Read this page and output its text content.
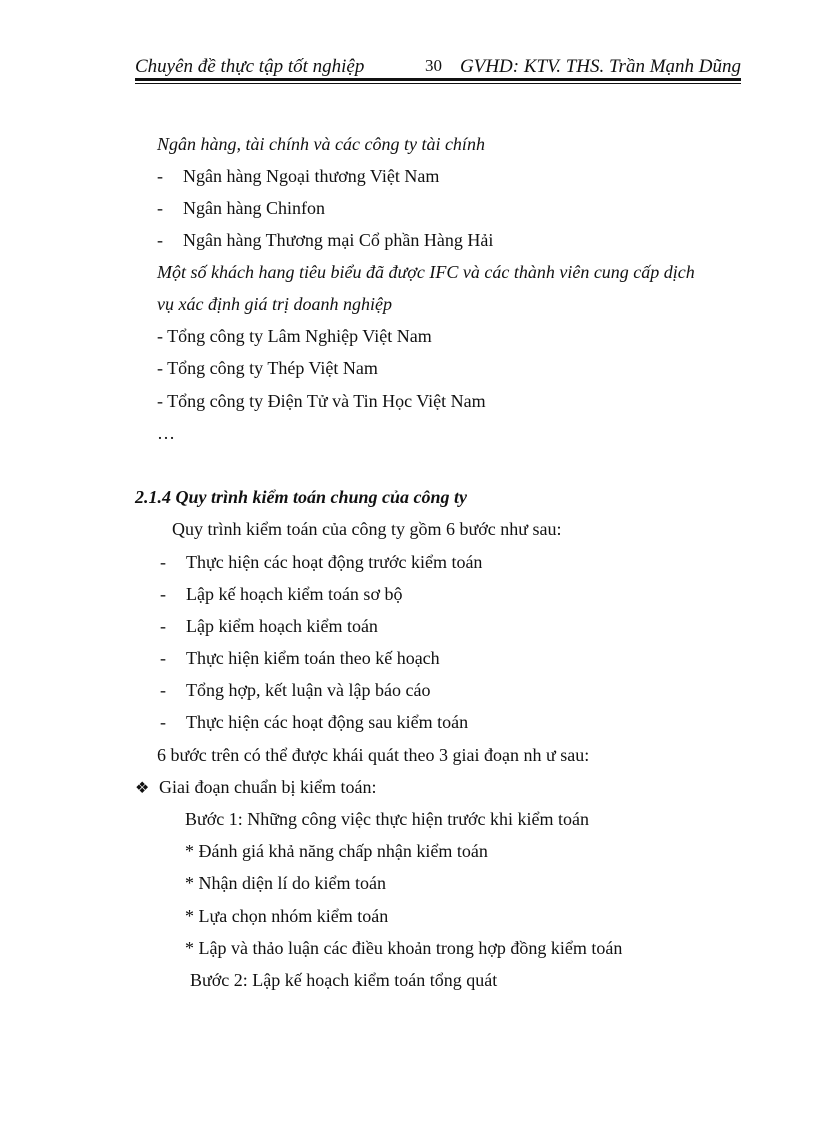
Chuyên đề thực tập tốt nghiệp	30 GVHD: KTV. THS. Trần Mạnh Dũng
Ngân hàng, tài chính và các công ty tài chính
- Ngân hàng Ngoại thương Việt Nam
- Ngân hàng Chinfon
- Ngân hàng Thương mại Cổ phần Hàng Hải
Một số khách hang tiêu biểu đã được IFC và các thành viên cung cấp dịch
vụ xác định giá trị doanh nghiệp
- Tổng công ty Lâm Nghiệp Việt Nam
- Tổng công ty Thép Việt Nam
- Tổng công ty Điện Tử và Tin Học Việt Nam
…
2.1.4 Quy trình kiểm toán chung của công ty
Quy trình kiểm toán của công ty gồm 6 bước như sau:
- Thực hiện các hoạt động trước kiểm toán
- Lập kế hoạch kiểm toán sơ bộ
- Lập kiểm hoạch kiểm toán
- Thực hiện kiểm toán theo kế hoạch
- Tổng hợp, kết luận và lập báo cáo
- Thực hiện các hoạt động sau kiểm toán
6 bước trên có thể được khái quát theo 3 giai đoạn nh ư sau:
❖ Giai đoạn chuẩn bị kiểm toán:
Bước 1: Những công việc thực hiện trước khi kiểm toán
* Đánh giá khả năng chấp nhận kiểm toán
* Nhận diện lí do kiểm toán
* Lựa chọn nhóm kiểm toán
* Lập và thảo luận các điều khoản trong hợp đồng kiểm toán
Bước 2: Lập kế hoạch kiểm toán tổng quát
